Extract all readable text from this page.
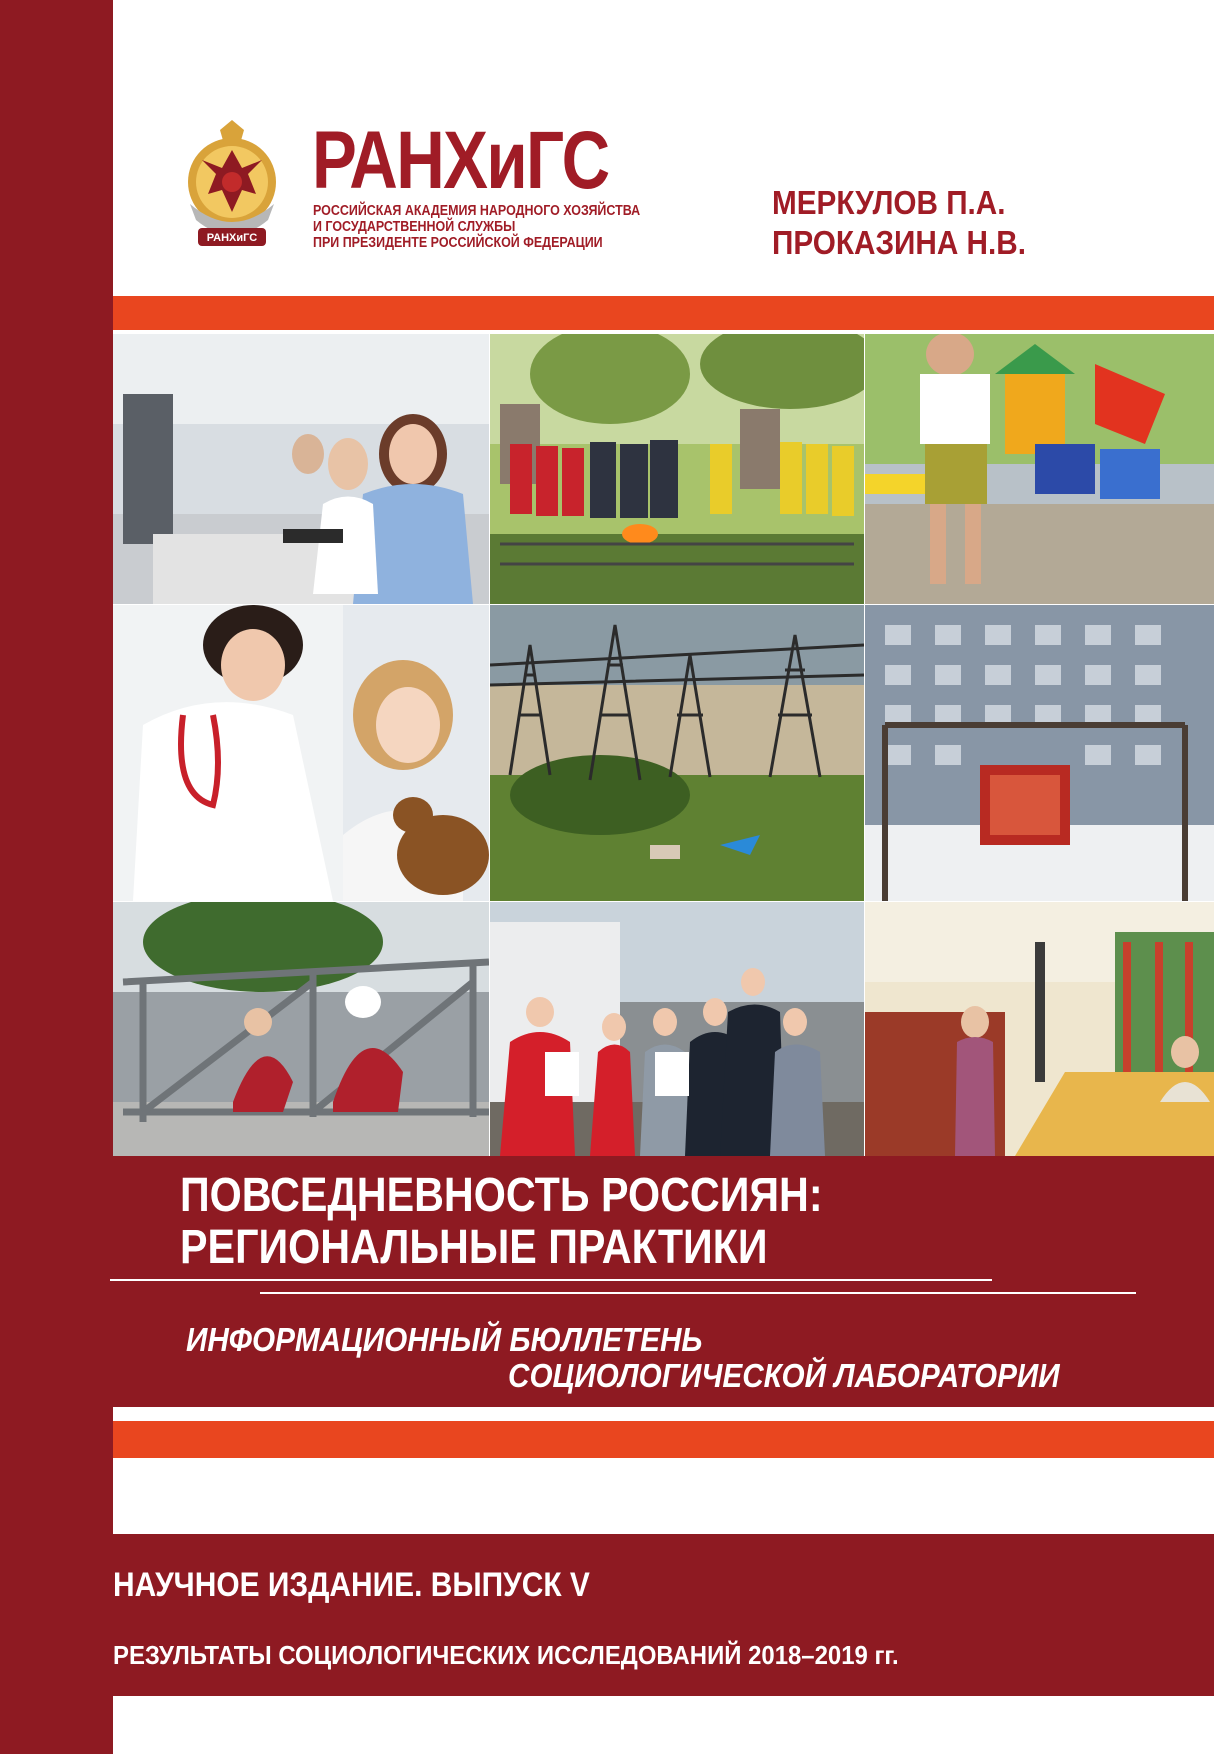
РАНХиГС
РАНХиГС
РОССИЙСКАЯ АКАДЕМИЯ НАРОДНОГО ХОЗЯЙСТВА
И ГОСУДАРСТВЕННОЙ СЛУЖБЫ
ПРИ ПРЕЗИДЕНТЕ РОССИЙСКОЙ ФЕДЕРАЦИИ
МЕРКУЛОВ П.А.
ПРОКАЗИНА Н.В.
ПОВСЕДНЕВНОСТЬ РОССИЯН:
РЕГИОНАЛЬНЫЕ ПРАКТИКИ
ИНФОРМАЦИОННЫЙ БЮЛЛЕТЕНЬ
СОЦИОЛОГИЧЕСКОЙ ЛАБОРАТОРИИ
НАУЧНОЕ ИЗДАНИЕ. ВЫПУСК V
РЕЗУЛЬТАТЫ СОЦИОЛОГИЧЕСКИХ ИССЛЕДОВАНИЙ 2018–2019 гг.
